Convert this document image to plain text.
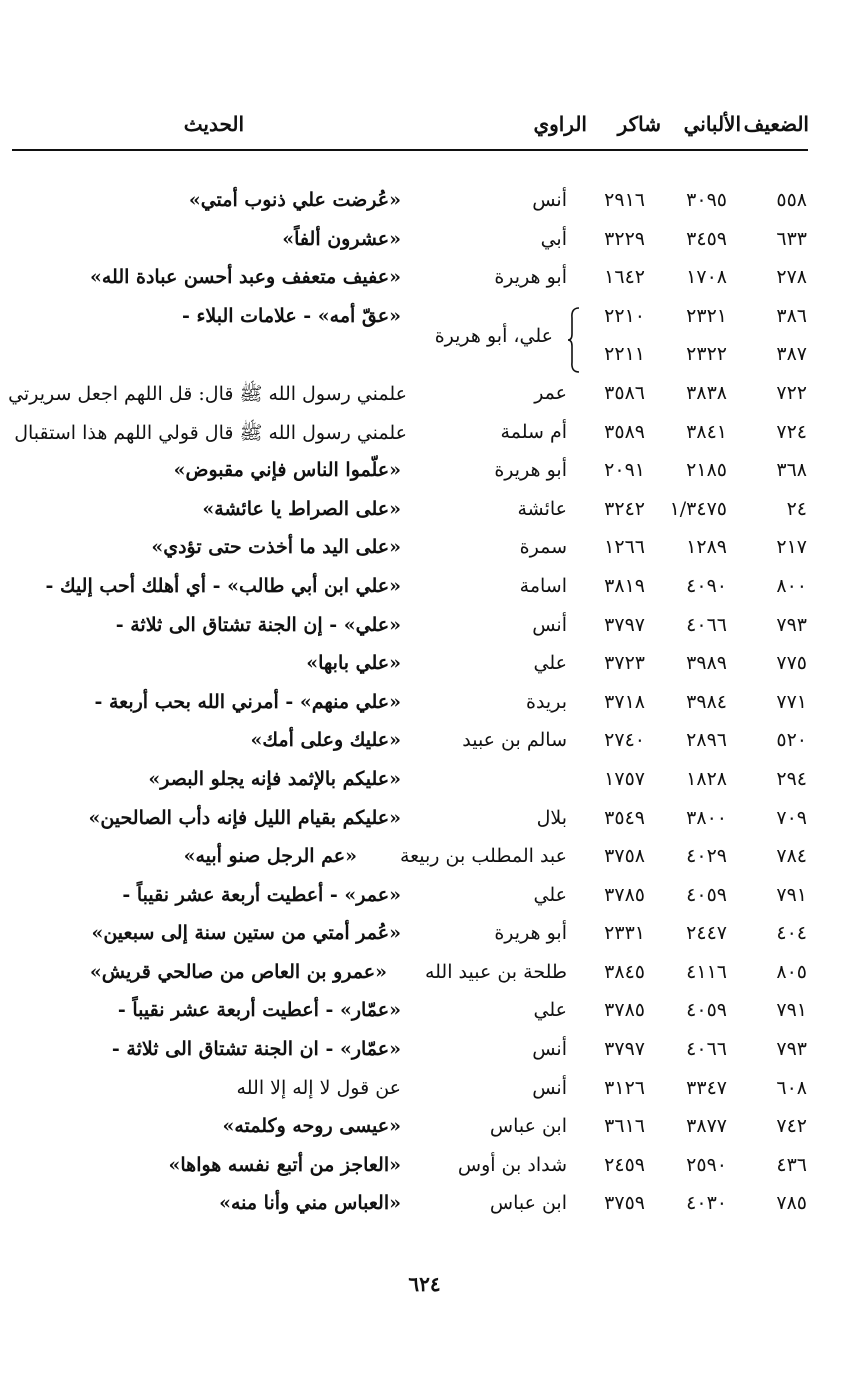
الضعيف
الألباني
شاكر
الراوي
الحديث
٥٥٨
٣٠٩٥
٢٩١٦
أنس
«عُرضت علي ذنوب أمتي»
٦٣٣
٣٤٥٩
٣٢٢٩
أبي
«عشرون ألفاً»
٢٧٨
١٧٠٨
١٦٤٢
أبو هريرة
«عفيف متعفف وعبد أحسن عبادة الله»
٣٨٦
٢٣٢١
٢٢١٠
علي، أبو هريرة
«عقّ أمه» - علامات البلاء -
٣٨٧
٢٣٢٢
٢٢١١
٧٢٢
٣٨٣٨
٣٥٨٦
عمر
علمني رسول الله ﷺ قال: قل اللهم اجعل سريرتي
٧٢٤
٣٨٤١
٣٥٨٩
أم سلمة
علمني رسول الله ﷺ قال قولي اللهم هذا استقبال
٣٦٨
٢١٨٥
٢٠٩١
أبو هريرة
«علّموا الناس فإني مقبوض»
٢٤
١/٣٤٧٥
٣٢٤٢
عائشة
«على الصراط يا عائشة»
٢١٧
١٢٨٩
١٢٦٦
سمرة
«على اليد ما أخذت حتى تؤدي»
٨٠٠
٤٠٩٠
٣٨١٩
اسامة
«علي ابن أبي طالب» - أي أهلك أحب إليك -
٧٩٣
٤٠٦٦
٣٧٩٧
أنس
«علي» - إن الجنة تشتاق الى ثلاثة -
٧٧٥
٣٩٨٩
٣٧٢٣
علي
«علي بابها»
٧٧١
٣٩٨٤
٣٧١٨
بريدة
«علي منهم» - أمرني الله بحب أربعة -
٥٢٠
٢٨٩٦
٢٧٤٠
سالم بن عبيد
«عليك وعلى أمك»
٢٩٤
١٨٢٨
١٧٥٧
«عليكم بالإثمد فإنه يجلو البصر»
٧٠٩
٣٨٠٠
٣٥٤٩
بلال
«عليكم بقيام الليل فإنه دأب الصالحين»
٧٨٤
٤٠٢٩
٣٧٥٨
عبد المطلب بن ربيعة
«عم الرجل صنو أبيه»
٧٩١
٤٠٥٩
٣٧٨٥
علي
«عمر» - أعطيت أربعة عشر نقيباً -
٤٠٤
٢٤٤٧
٢٣٣١
أبو هريرة
«عُمر أمتي من ستين سنة إلى سبعين»
٨٠٥
٤١١٦
٣٨٤٥
طلحة بن عبيد الله
«عمرو بن العاص من صالحي قريش»
٧٩١
٤٠٥٩
٣٧٨٥
علي
«عمّار» - أعطيت أربعة عشر نقيباً -
٧٩٣
٤٠٦٦
٣٧٩٧
أنس
«عمّار» - ان الجنة تشتاق الى ثلاثة -
٦٠٨
٣٣٤٧
٣١٢٦
أنس
عن قول لا إله إلا الله
٧٤٢
٣٨٧٧
٣٦١٦
ابن عباس
«عيسى روحه وكلمته»
٤٣٦
٢٥٩٠
٢٤٥٩
شداد بن أوس
«العاجز من أتبع نفسه هواها»
٧٨٥
٤٠٣٠
٣٧٥٩
ابن عباس
«العباس مني وأنا منه»
٦٢٤
